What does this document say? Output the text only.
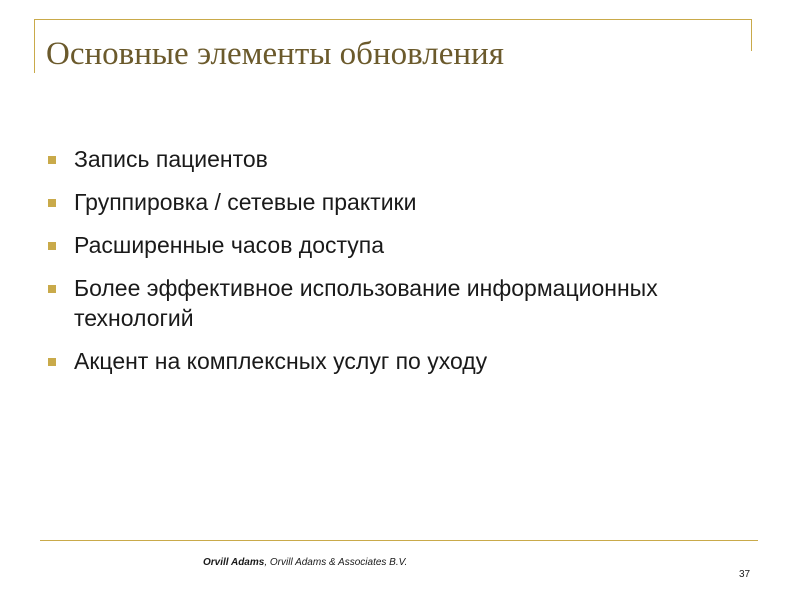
Основные элементы обновления
Запись пациентов
Группировка / сетевые практики
Расширенные часов доступа
Более эффективное использование информационных технологий
Акцент на комплексных услуг по уходу
Orvill Adams, Orvill Adams & Associates B.V.
37
